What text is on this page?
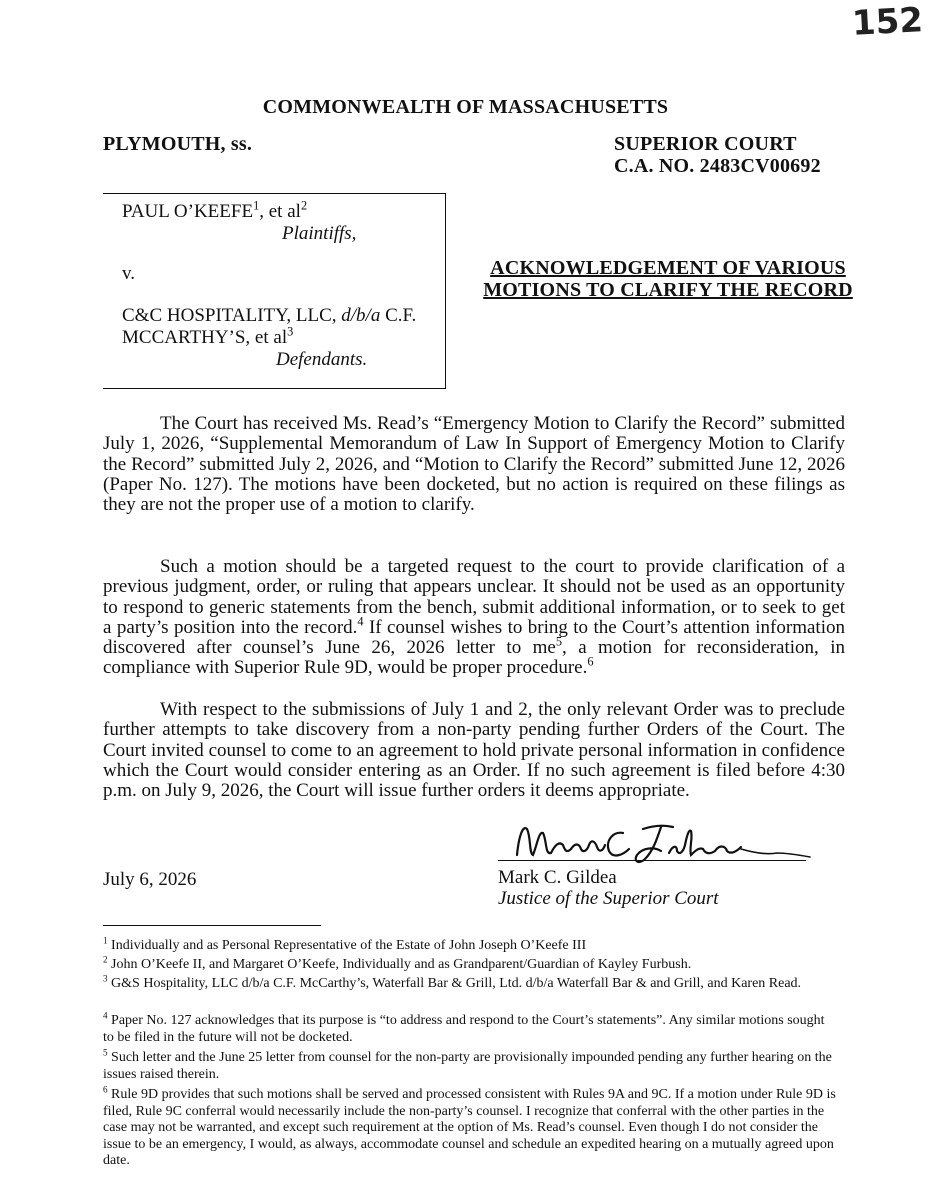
152
COMMONWEALTH OF MASSACHUSETTS
PLYMOUTH, ss.	SUPERIOR COURT
C.A. NO. 2483CV00692
PAUL O’KEEFE$^1$, et $al^2$
Plaintiffs,
v.
C&C HOSPITALITY, LLC, d/b/a C.F.
MCCARTHY’S, et $al^3$
Defendants.
ACKNOWLEDGEMENT OF VARIOUS
MOTIONS TO CLARIFY THE RECORD
The Court has received Ms. Read’s “Emergency Motion to Clarify the Record” submitted July 1, 2026, “Supplemental Memorandum of Law In Support of Emergency Motion to Clarify the Record” submitted July 2, 2026, and “Motion to Clarify the Record” submitted June 12, 2026 (Paper No. 127). The motions have been docketed, but no action is required on these filings as they are not the proper use of a motion to clarify.
Such a motion should be a targeted request to the court to provide clarification of a previous judgment, order, or ruling that appears unclear. It should not be used as an opportunity to respond to generic statements from the bench, submit additional information, or to seek to get a party’s position into the record.$^4$ If counsel wishes to bring to the Court’s attention information discovered after counsel’s June 26, 2026 letter to $me^5$, a motion for reconsideration, in compliance with Superior Rule 9D, would be proper procedure.$^6$
With respect to the submissions of July 1 and 2, the only relevant Order was to preclude further attempts to take discovery from a non-party pending further Orders of the Court. The Court invited counsel to come to an agreement to hold private personal information in confidence which the Court would consider entering as an Order. If no such agreement is filed before 4:30 p.m. on July 9, 2026, the Court will issue further orders it deems appropriate.
July 6, 2026	Mark C. Gildea
Justice of the Superior Court
$^1$ Individually and as Personal Representative of the Estate of John Joseph O’Keefe III
$^2$ John O’Keefe II, and Margaret O’Keefe, Individually and as Grandparent/Guardian of Kayley Furbush.
$^3$ G&S Hospitality, LLC d/b/a C.F. McCarthy’s, Waterfall Bar & Grill, Ltd. d/b/a Waterfall Bar & and Grill, and Karen Read.
$^4$ Paper No. 127 acknowledges that its purpose is “to address and respond to the Court’s statements”. Any similar motions sought to be filed in the future will not be docketed.
$^5$ Such letter and the June 25 letter from counsel for the non-party are provisionally impounded pending any further hearing on the issues raised therein.
$^6$ Rule 9D provides that such motions shall be served and processed consistent with Rules 9A and 9C. If a motion under Rule 9D is filed, Rule 9C conferral would necessarily include the non-party’s counsel. I recognize that conferral with the other parties in the case may not be warranted, and except such requirement at the option of Ms. Read’s counsel. Even though I do not consider the issue to be an emergency, I would, as always, accommodate counsel and schedule an expedited hearing on a mutually agreed upon date.
